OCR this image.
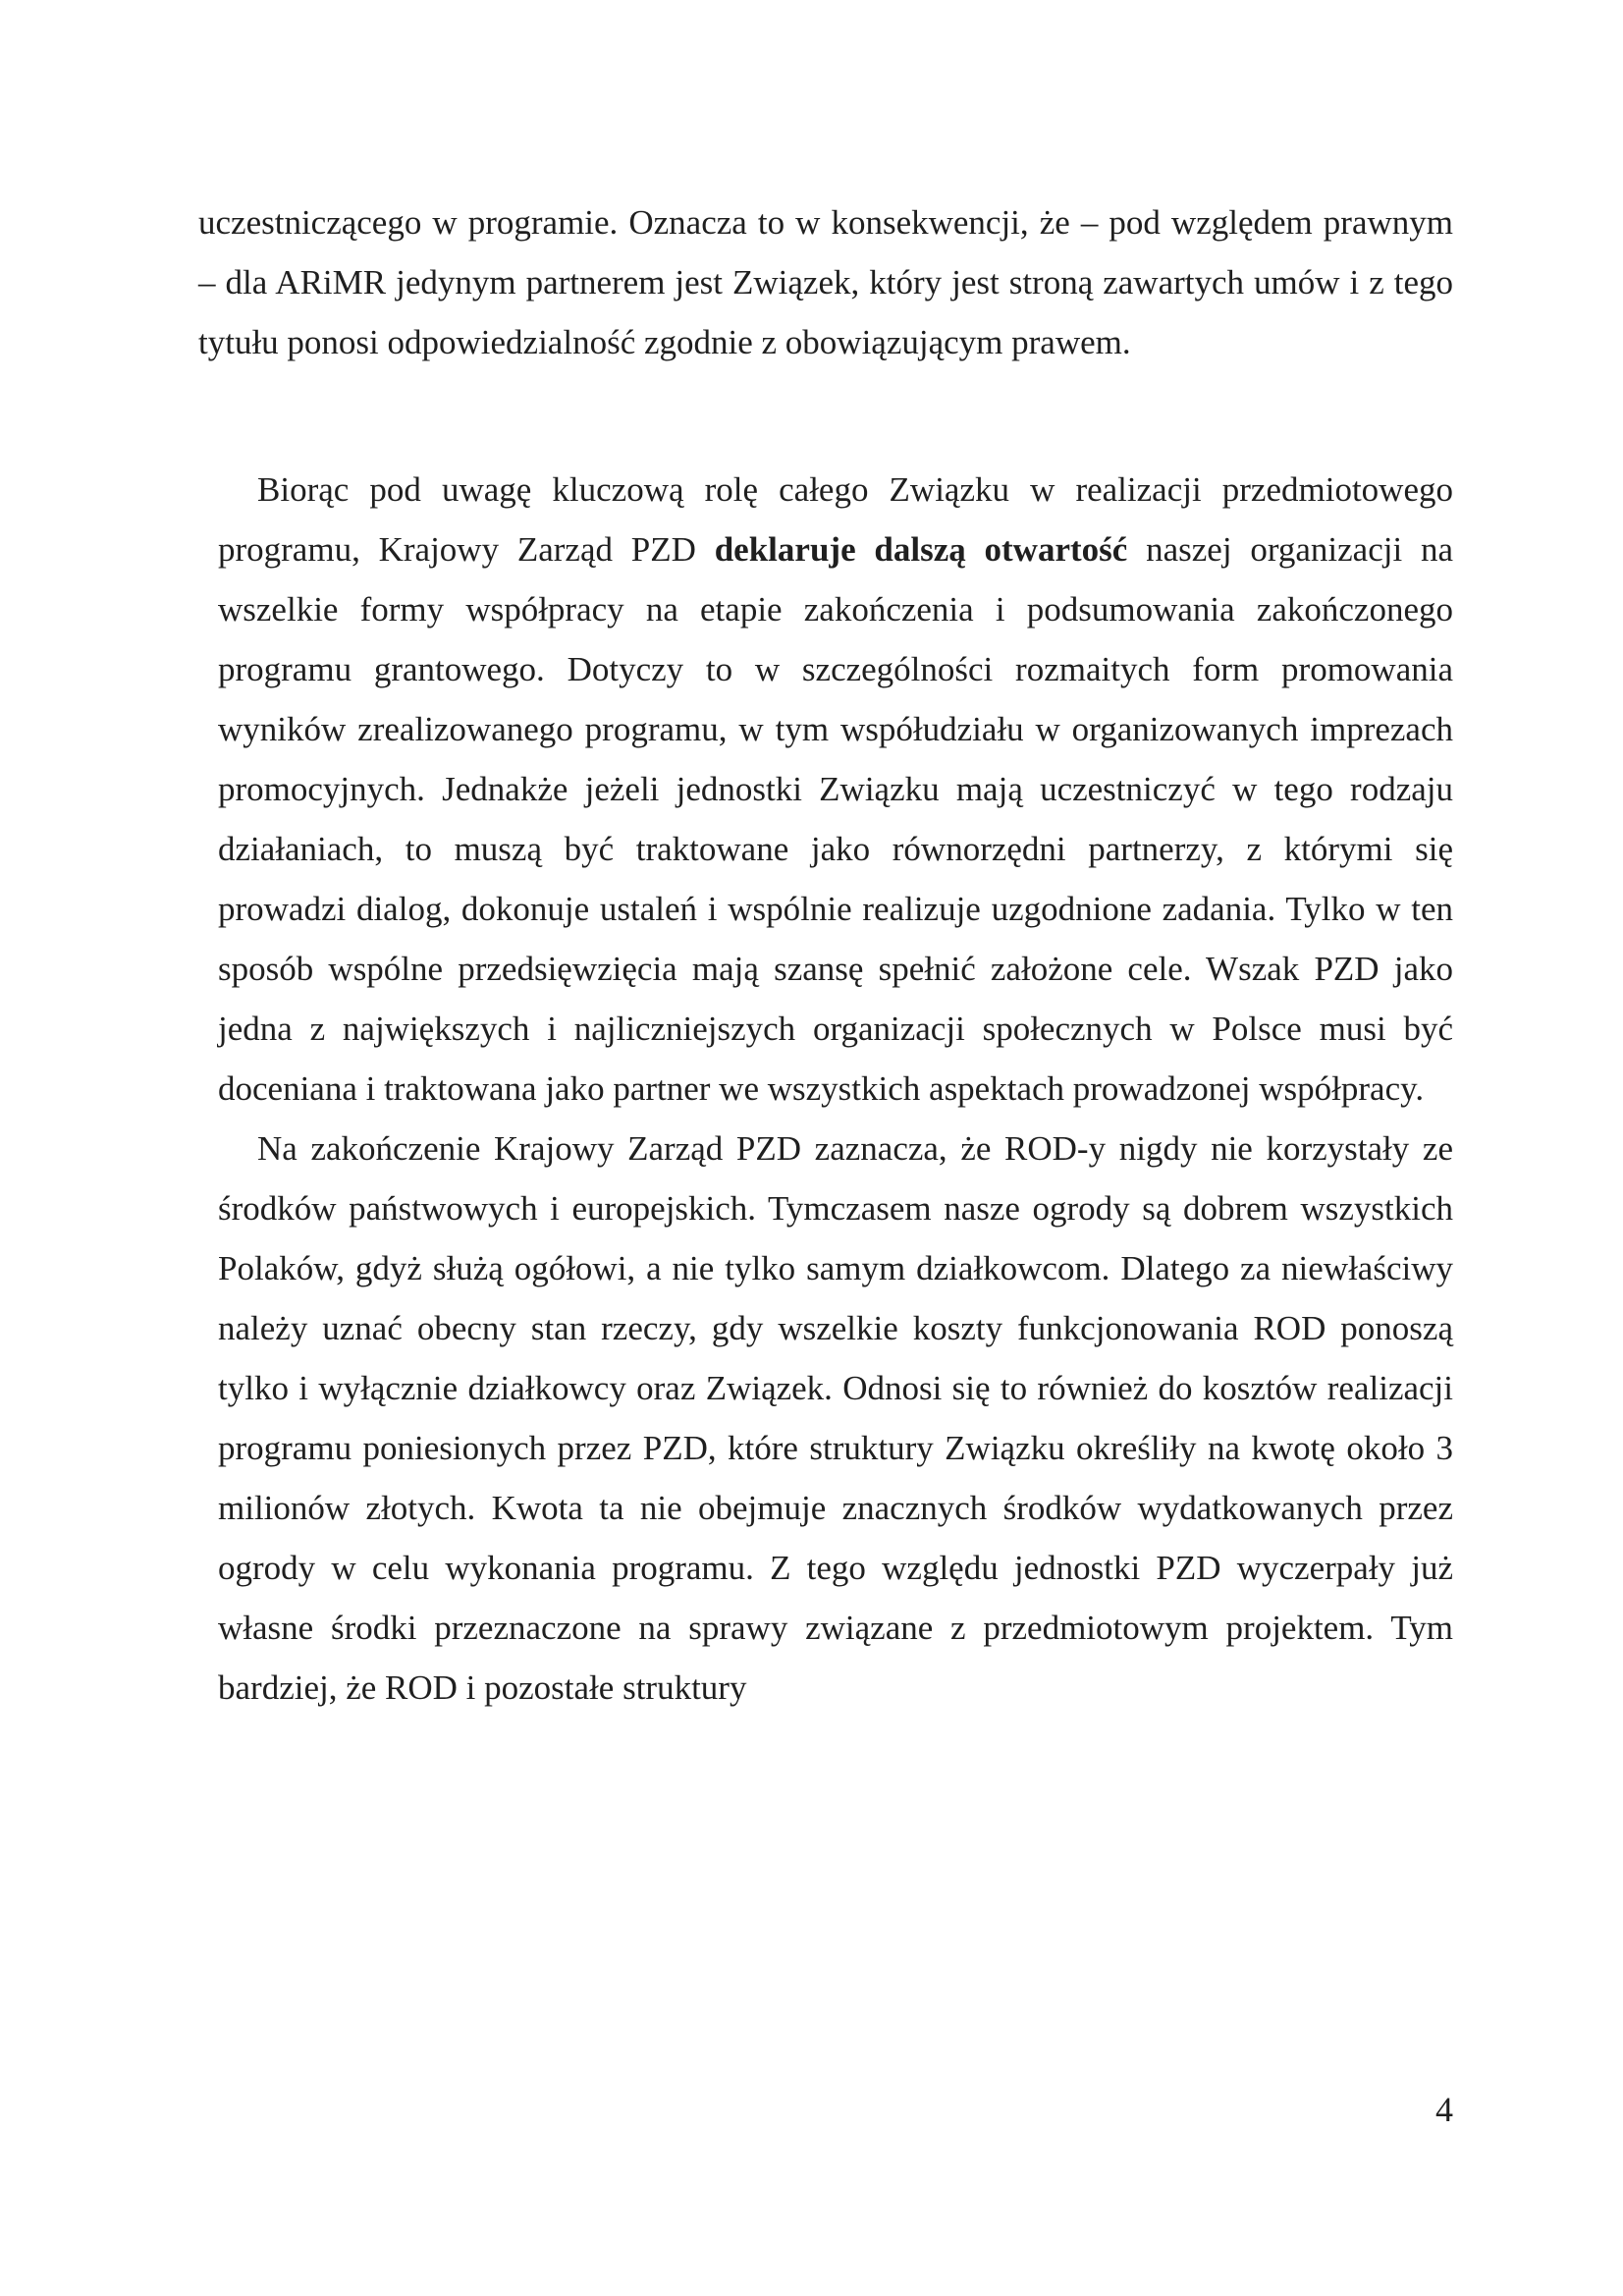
uczestniczącego w programie. Oznacza to w konsekwencji, że – pod względem prawnym – dla ARiMR jedynym partnerem jest Związek, który jest stroną zawartych umów i z tego tytułu ponosi odpowiedzialność zgodnie z obowiązującym prawem.

Biorąc pod uwagę kluczową rolę całego Związku w realizacji przedmiotowego programu, Krajowy Zarząd PZD deklaruje dalszą otwartość naszej organizacji na wszelkie formy współpracy na etapie zakończenia i podsumowania zakończonego programu grantowego. Dotyczy to w szczególności rozmaitych form promowania wyników zrealizowanego programu, w tym współudziału w organizowanych imprezach promocyjnych. Jednakże jeżeli jednostki Związku mają uczestniczyć w tego rodzaju działaniach, to muszą być traktowane jako równorzędni partnerzy, z którymi się prowadzi dialog, dokonuje ustaleń i wspólnie realizuje uzgodnione zadania. Tylko w ten sposób wspólne przedsięwzięcia mają szansę spełnić założone cele. Wszak PZD jako jedna z największych i najliczniejszych organizacji społecznych w Polsce musi być doceniana i traktowana jako partner we wszystkich aspektach prowadzonej współpracy.

Na zakończenie Krajowy Zarząd PZD zaznacza, że ROD-y nigdy nie korzystały ze środków państwowych i europejskich. Tymczasem nasze ogrody są dobrem wszystkich Polaków, gdyż służą ogółowi, a nie tylko samym działkowcom. Dlatego za niewłaściwy należy uznać obecny stan rzeczy, gdy wszelkie koszty funkcjonowania ROD ponoszą tylko i wyłącznie działkowcy oraz Związek. Odnosi się to również do kosztów realizacji programu poniesionych przez PZD, które struktury Związku określiły na kwotę około 3 milionów złotych. Kwota ta nie obejmuje znacznych środków wydatkowanych przez ogrody w celu wykonania programu. Z tego względu jednostki PZD wyczerpały już własne środki przeznaczone na sprawy związane z przedmiotowym projektem. Tym bardziej, że ROD i pozostałe struktury

4
